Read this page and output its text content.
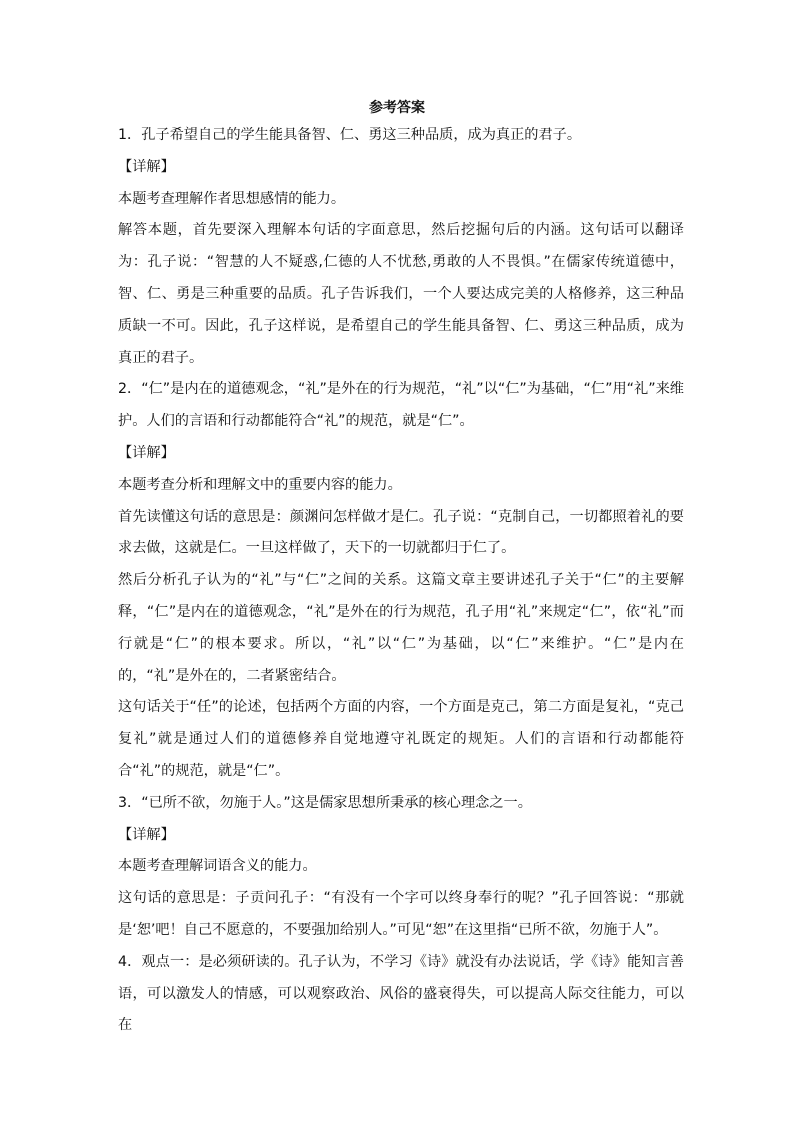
参考答案

1．孔子希望自己的学生能具备智、仁、勇这三种品质，成为真正的君子。

【详解】

本题考查理解作者思想感情的能力。

解答本题，首先要深入理解本句话的字面意思，然后挖掘句后的内涵。这句话可以翻译为：孔子说：“智慧的人不疑惑,仁德的人不忧愁,勇敢的人不畏惧。”在儒家传统道德中，智、仁、勇是三种重要的品质。孔子告诉我们，一个人要达成完美的人格修养，这三种品质缺一不可。因此，孔子这样说，是希望自己的学生能具备智、仁、勇这三种品质，成为真正的君子。

2．“仁”是内在的道德观念，“礼”是外在的行为规范，“礼”以“仁”为基础，“仁”用“礼”来维护。人们的言语和行动都能符合“礼”的规范，就是“仁”。

【详解】

本题考查分析和理解文中的重要内容的能力。

首先读懂这句话的意思是：颜渊问怎样做才是仁。孔子说：“克制自己，一切都照着礼的要求去做，这就是仁。一旦这样做了，天下的一切就都归于仁了。

然后分析孔子认为的“礼”与“仁”之间的关系。这篇文章主要讲述孔子关于“仁”的主要解释，“仁”是内在的道德观念，“礼”是外在的行为规范，孔子用“礼”来规定“仁”，依“礼”而行就是“仁”的根本要求。所以，“礼”以“仁”为基础，以“仁”来维护。“仁”是内在的，“礼”是外在的，二者紧密结合。

这句话关于“任”的论述，包括两个方面的内容，一个方面是克己，第二方面是复礼，“克己复礼”就是通过人们的道德修养自觉地遵守礼既定的规矩。人们的言语和行动都能符合“礼”的规范，就是“仁”。

3．“已所不欲，勿施于人。”这是儒家思想所秉承的核心理念之一。

【详解】

本题考查理解词语含义的能力。

这句话的意思是：子贡问孔子：“有没有一个字可以终身奉行的呢？”孔子回答说：“那就是‘恕’吧！自己不愿意的，不要强加给别人。”可见“恕”在这里指“已所不欲，勿施于人”。

4．观点一：是必须研读的。孔子认为，不学习《诗》就没有办法说话，学《诗》能知言善语，可以激发人的情感，可以观察政治、风俗的盛衰得失，可以提高人际交往能力，可以在
